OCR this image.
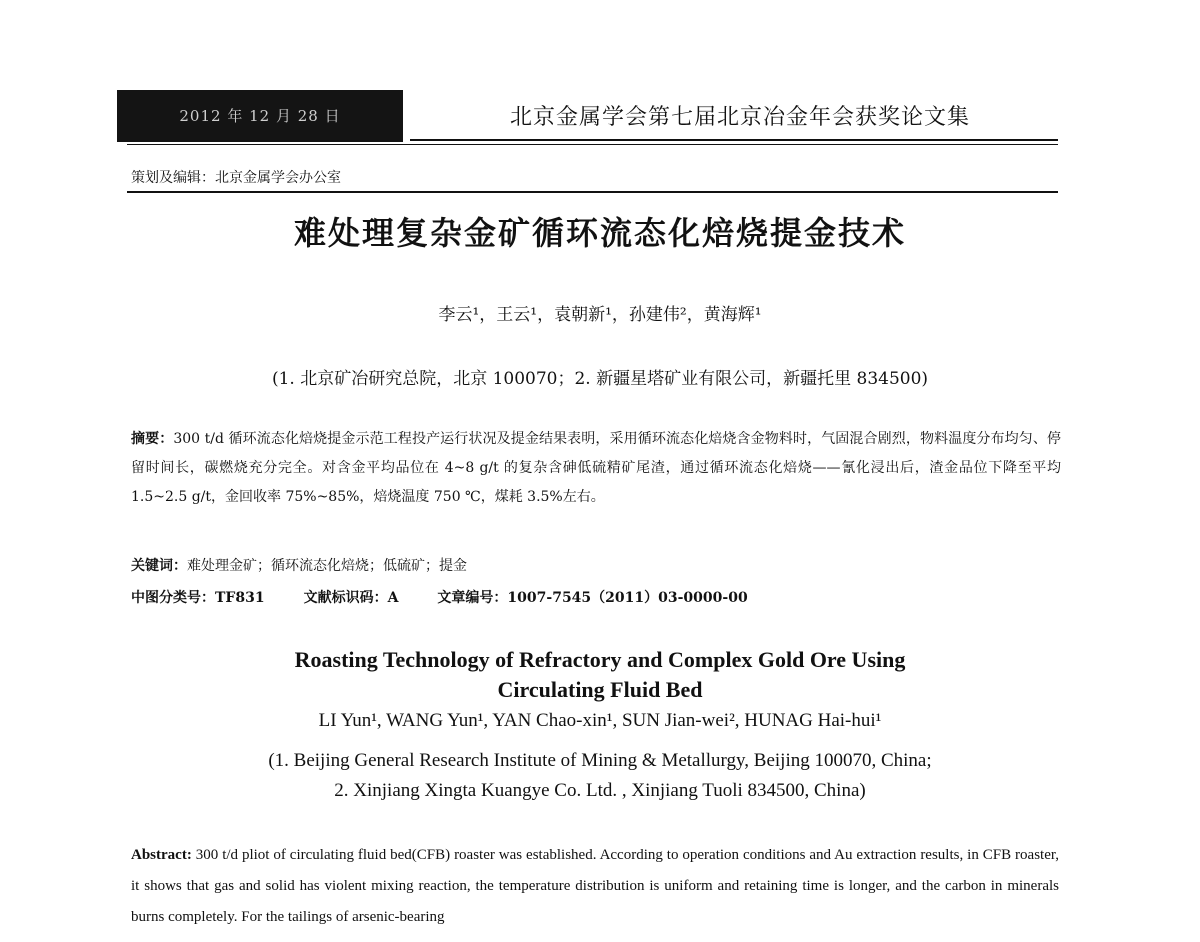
2012 年 12 月 28 日	北京金属学会第七届北京冶金年会获奖论文集
策划及编辑：北京金属学会办公室
难处理复杂金矿循环流态化焙烧提金技术
李云¹，王云¹，袁朝新¹，孙建伟²，黄海辉¹
(1. 北京矿冶研究总院，北京 100070；2. 新疆星塔矿业有限公司，新疆托里 834500)
摘要：300 t/d 循环流态化焙烧提金示范工程投产运行状况及提金结果表明，采用循环流态化焙烧含金物料时，气固混合剧烈，物料温度分布均匀、停留时间长，碳燃烧充分完全。对含金平均品位在 4~8 g/t 的复杂含砷低硫精矿尾渣，通过循环流态化焙烧——氰化浸出后，渣金品位下降至平均 1.5~2.5 g/t，金回收率 75%~85%，焙烧温度 750 ℃，煤耗 3.5%左右。
关键词：难处理金矿；循环流态化焙烧；低硫矿；提金
中图分类号：TF831        文献标识码：A        文章编号：1007-7545（2011）03-0000-00
Roasting Technology of Refractory and Complex Gold Ore Using
Circulating Fluid Bed
LI Yun¹, WANG Yun¹, YAN Chao-xin¹, SUN Jian-wei², HUNAG Hai-hui¹
(1. Beijing General Research Institute of Mining & Metallurgy, Beijing 100070, China;
2. Xinjiang Xingta Kuangye Co. Ltd. , Xinjiang Tuoli 834500, China)
Abstract: 300 t/d pliot of circulating fluid bed(CFB) roaster was established. According to operation conditions and Au extraction results, in CFB roaster, it shows that gas and solid has violent mixing reaction, the temperature distribution is uniform and retaining time is longer, and the carbon in minerals burns completely. For the tailings of arsenic-bearing
